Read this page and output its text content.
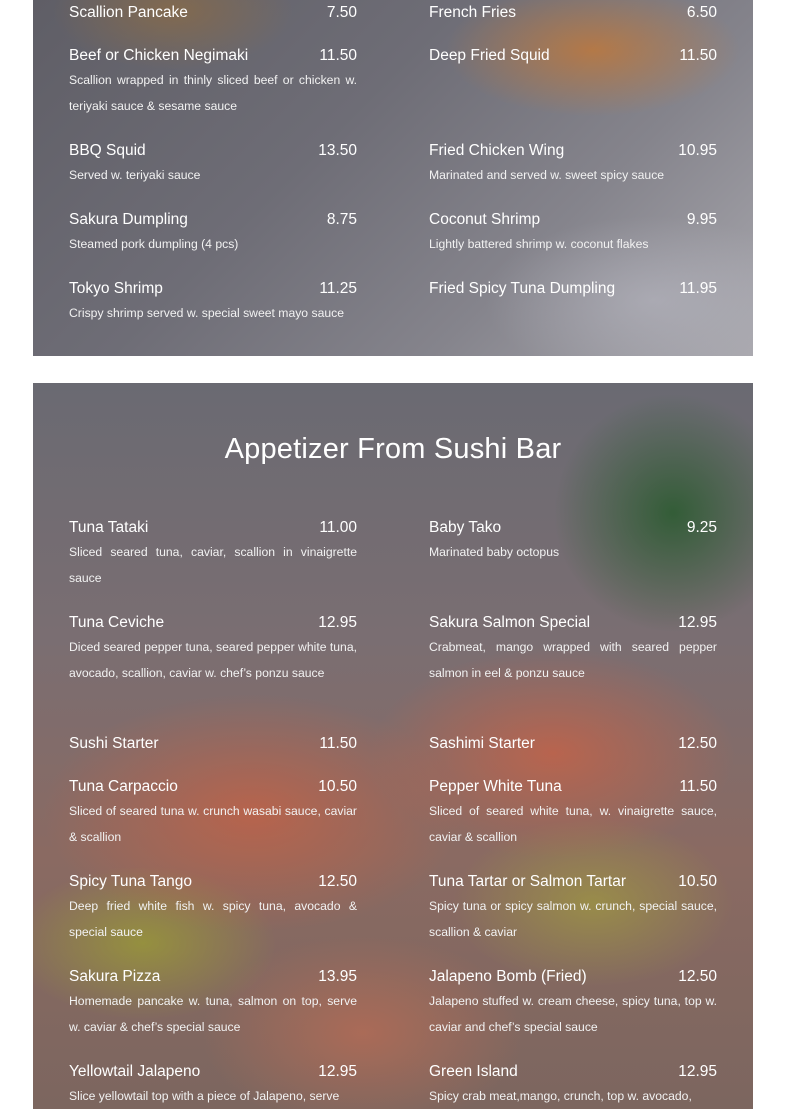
Scallion Pancake	7.50	French Fries	6.50
Beef or Chicken Negimaki	11.50

Scallion wrapped in thinly sliced beef or chicken w. teriyaki sauce & sesame sauce

Deep Fried Squid	11.50
BBQ Squid	13.50

Served w. teriyaki sauce

Fried Chicken Wing	10.95

Marinated and served w. sweet spicy sauce

Sakura Dumpling	8.75

Steamed pork dumpling (4 pcs)

Coconut Shrimp	9.95

Lightly battered shrimp w. coconut flakes

Tokyo Shrimp	11.25

Crispy shrimp served w. special sweet mayo sauce

Fried Spicy Tuna Dumpling	11.95
Appetizer From Sushi Bar
Tuna Tataki	11.00

Sliced seared tuna, caviar, scallion in vinaigrette sauce

Baby Tako	9.25

Marinated baby octopus

Tuna Ceviche	12.95

Diced seared pepper tuna, seared pepper white tuna, avocado, scallion, caviar w. chef’s ponzu sauce

Sakura Salmon Special	12.95

Crabmeat, mango wrapped with seared pepper salmon in eel & ponzu sauce

Sushi Starter	11.50	Sashimi Starter	12.50
Tuna Carpaccio	10.50

Sliced of seared tuna w. crunch wasabi sauce, caviar & scallion

Pepper White Tuna	11.50

Sliced of seared white tuna, w. vinaigrette sauce, caviar & scallion

Spicy Tuna Tango	12.50

Deep fried white fish w. spicy tuna, avocado & special sauce

Tuna Tartar or Salmon Tartar	10.50

Spicy tuna or spicy salmon w. crunch, special sauce, scallion & caviar

Sakura Pizza	13.95

Homemade pancake w. tuna, salmon on top, serve w. caviar & chef’s special sauce

Jalapeno Bomb (Fried)	12.50

Jalapeno stuffed w. cream cheese, spicy tuna, top w. caviar and chef’s special sauce

Yellowtail Jalapeno	12.95

Slice yellowtail top with a piece of Jalapeno, serve

Green Island	12.95

Spicy crab meat,mango, crunch, top w. avocado,
